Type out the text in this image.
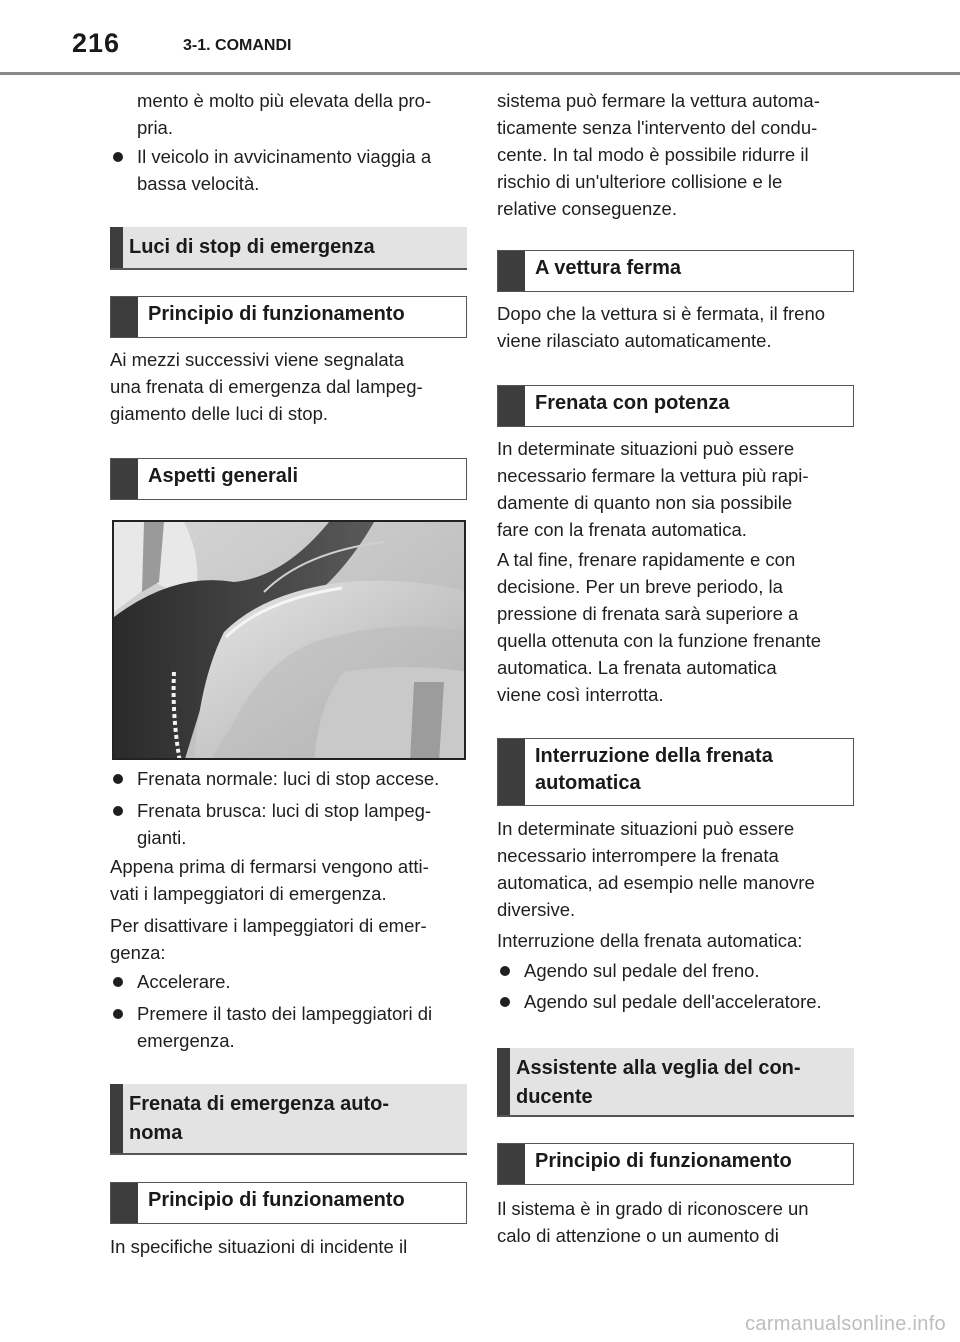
216	3-1. COMANDI
mento è molto più elevata della pro-
pria.
Il veicolo in avvicinamento viaggia a
bassa velocità.
Luci di stop di emergenza
Principio di funzionamento
Ai mezzi successivi viene segnalata
una frenata di emergenza dal lampeg-
giamento delle luci di stop.
Aspetti generali
Frenata normale: luci di stop accese.
Frenata brusca: luci di stop lampeg-
gianti.
Appena prima di fermarsi vengono atti-
vati i lampeggiatori di emergenza.
Per disattivare i lampeggiatori di emer-
genza:
Accelerare.
Premere il tasto dei lampeggiatori di
emergenza.
Frenata di emergenza auto-
noma
Principio di funzionamento
In specifiche situazioni di incidente il
sistema può fermare la vettura automa-
ticamente senza l'intervento del condu-
cente. In tal modo è possibile ridurre il
rischio di un'ulteriore collisione e le
relative conseguenze.
A vettura ferma
Dopo che la vettura si è fermata, il freno
viene rilasciato automaticamente.
Frenata con potenza
In determinate situazioni può essere
necessario fermare la vettura più rapi-
damente di quanto non sia possibile
fare con la frenata automatica.
A tal fine, frenare rapidamente e con
decisione. Per un breve periodo, la
pressione di frenata sarà superiore a
quella ottenuta con la funzione frenante
automatica. La frenata automatica
viene così interrotta.
Interruzione della frenata
automatica
In determinate situazioni può essere
necessario interrompere la frenata
automatica, ad esempio nelle manovre
diversive.
Interruzione della frenata automatica:
Agendo sul pedale del freno.
Agendo sul pedale dell'acceleratore.
Assistente alla veglia del con-
ducente
Principio di funzionamento
Il sistema è in grado di riconoscere un
calo di attenzione o un aumento di
carmanualsonline.info
